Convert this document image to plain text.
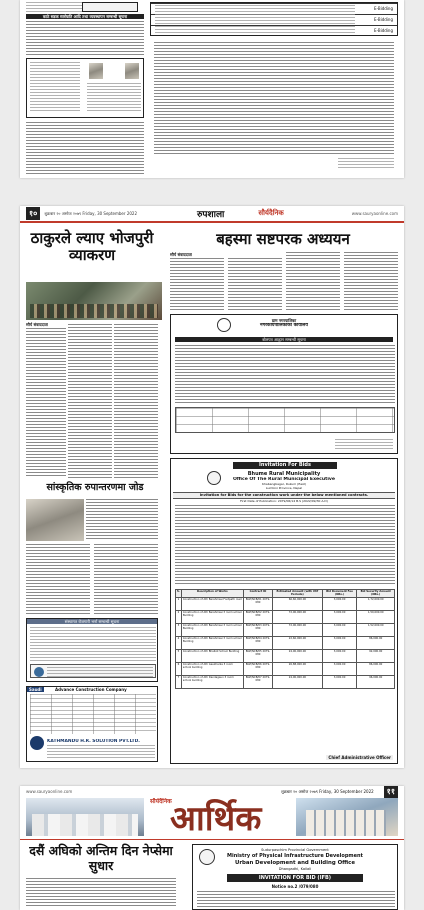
काठे सडक स्तरोन्नति आदि तथा व्यवस्थापन सम्बन्धी सूचना
E-Bidding
E-Bidding
E-Bidding
१०	शुक्रबार २० असोज २०७९ Friday, 30 September 2022	रुपशाला	सौर्यदैनिक	www.sauryaonline.com
ठाकुरले ल्याए भोजपुरी व्याकरण
सौर्य संवाददाता
सांस्कृतिक रुपान्तरणमा जोड
संस्थागत रोजगारी भर्ना सम्बन्धी सूचना
Saudi	Advance Construction Company
KATHMANDU H.R. SOLUTION PVT.LTD.
बहस्मा सष्टपरक अध्ययन
सौर्य संवाददाता
ग्राम नगरपालिका
नगरकार्यपालिकाको कार्यालय
बोलपत्र आह्वान सम्बन्धी सूचना
Invitation For Bids
Bhume Rural Municipality
Office Of The Rural Municipal Executive
Khabangbagar, Rukum (East)
Lumbini Province, Nepal
Invitation for Bids for the construction work under the below mentioned contracts.
First Date of Publication: 2079/06/14 B.S (2022/09/30 A.D)
S.	Description of Works	Contract ID	Estimated Amount (with VAT Exclude)	Bid Document Fee (NRs.)	Bid Security Amount (NRs.)
1	Construction of Ath Barahmasi Footpath road	BGP/NCB/01 2079-080	66,60,000.00	3,000.00	1,72,000.00
2	Construction of Ath Barahmasi 3 room school Building	BGP/NCB/02 2079-080	72,00,000.00	3,000.00	1,50,000.00
3	Construction of Ath Barahmasi 3 room school Building	BGP/NCB/03 2079-080	72,00,000.00	3,000.00	1,52,000.00
4	Construction of Ath Barahmasi 3 room school Building	BGP/NCB/04 2079-080	22,60,000.00	3,000.00	86,000.00
5	Construction of Ath Bhalkot School Building	BGP/NCB/05 2079-080	24,00,000.00	3,000.00	92,000.00
6	Construction of Ath Gaukharka 3 room school building	BGP/NCB/06 2079-080	26,88,000.00	3,000.00	86,000.00
7	Construction of Ath Dandagaun 3 room school building	BGP/NCB/07 2079-080	24,00,000.00	3,000.00	96,000.00
Chief Administrative Officer
www.sauryaonline.com	शुक्रबार २० असोज २०७९ Friday, 30 September 2022	११
सौर्यदैनिक
आर्थिक
दसैं अघिको अन्तिम दिन नेप्सेमा सुधार
Sudurpaschim Provincial Government
Ministry of Physical Infrastructure Development
Urban Development and Building Office
Dhangadhi, Kailali
INVITATION FOR BID (IFB)
Notice no.2 /079/080
